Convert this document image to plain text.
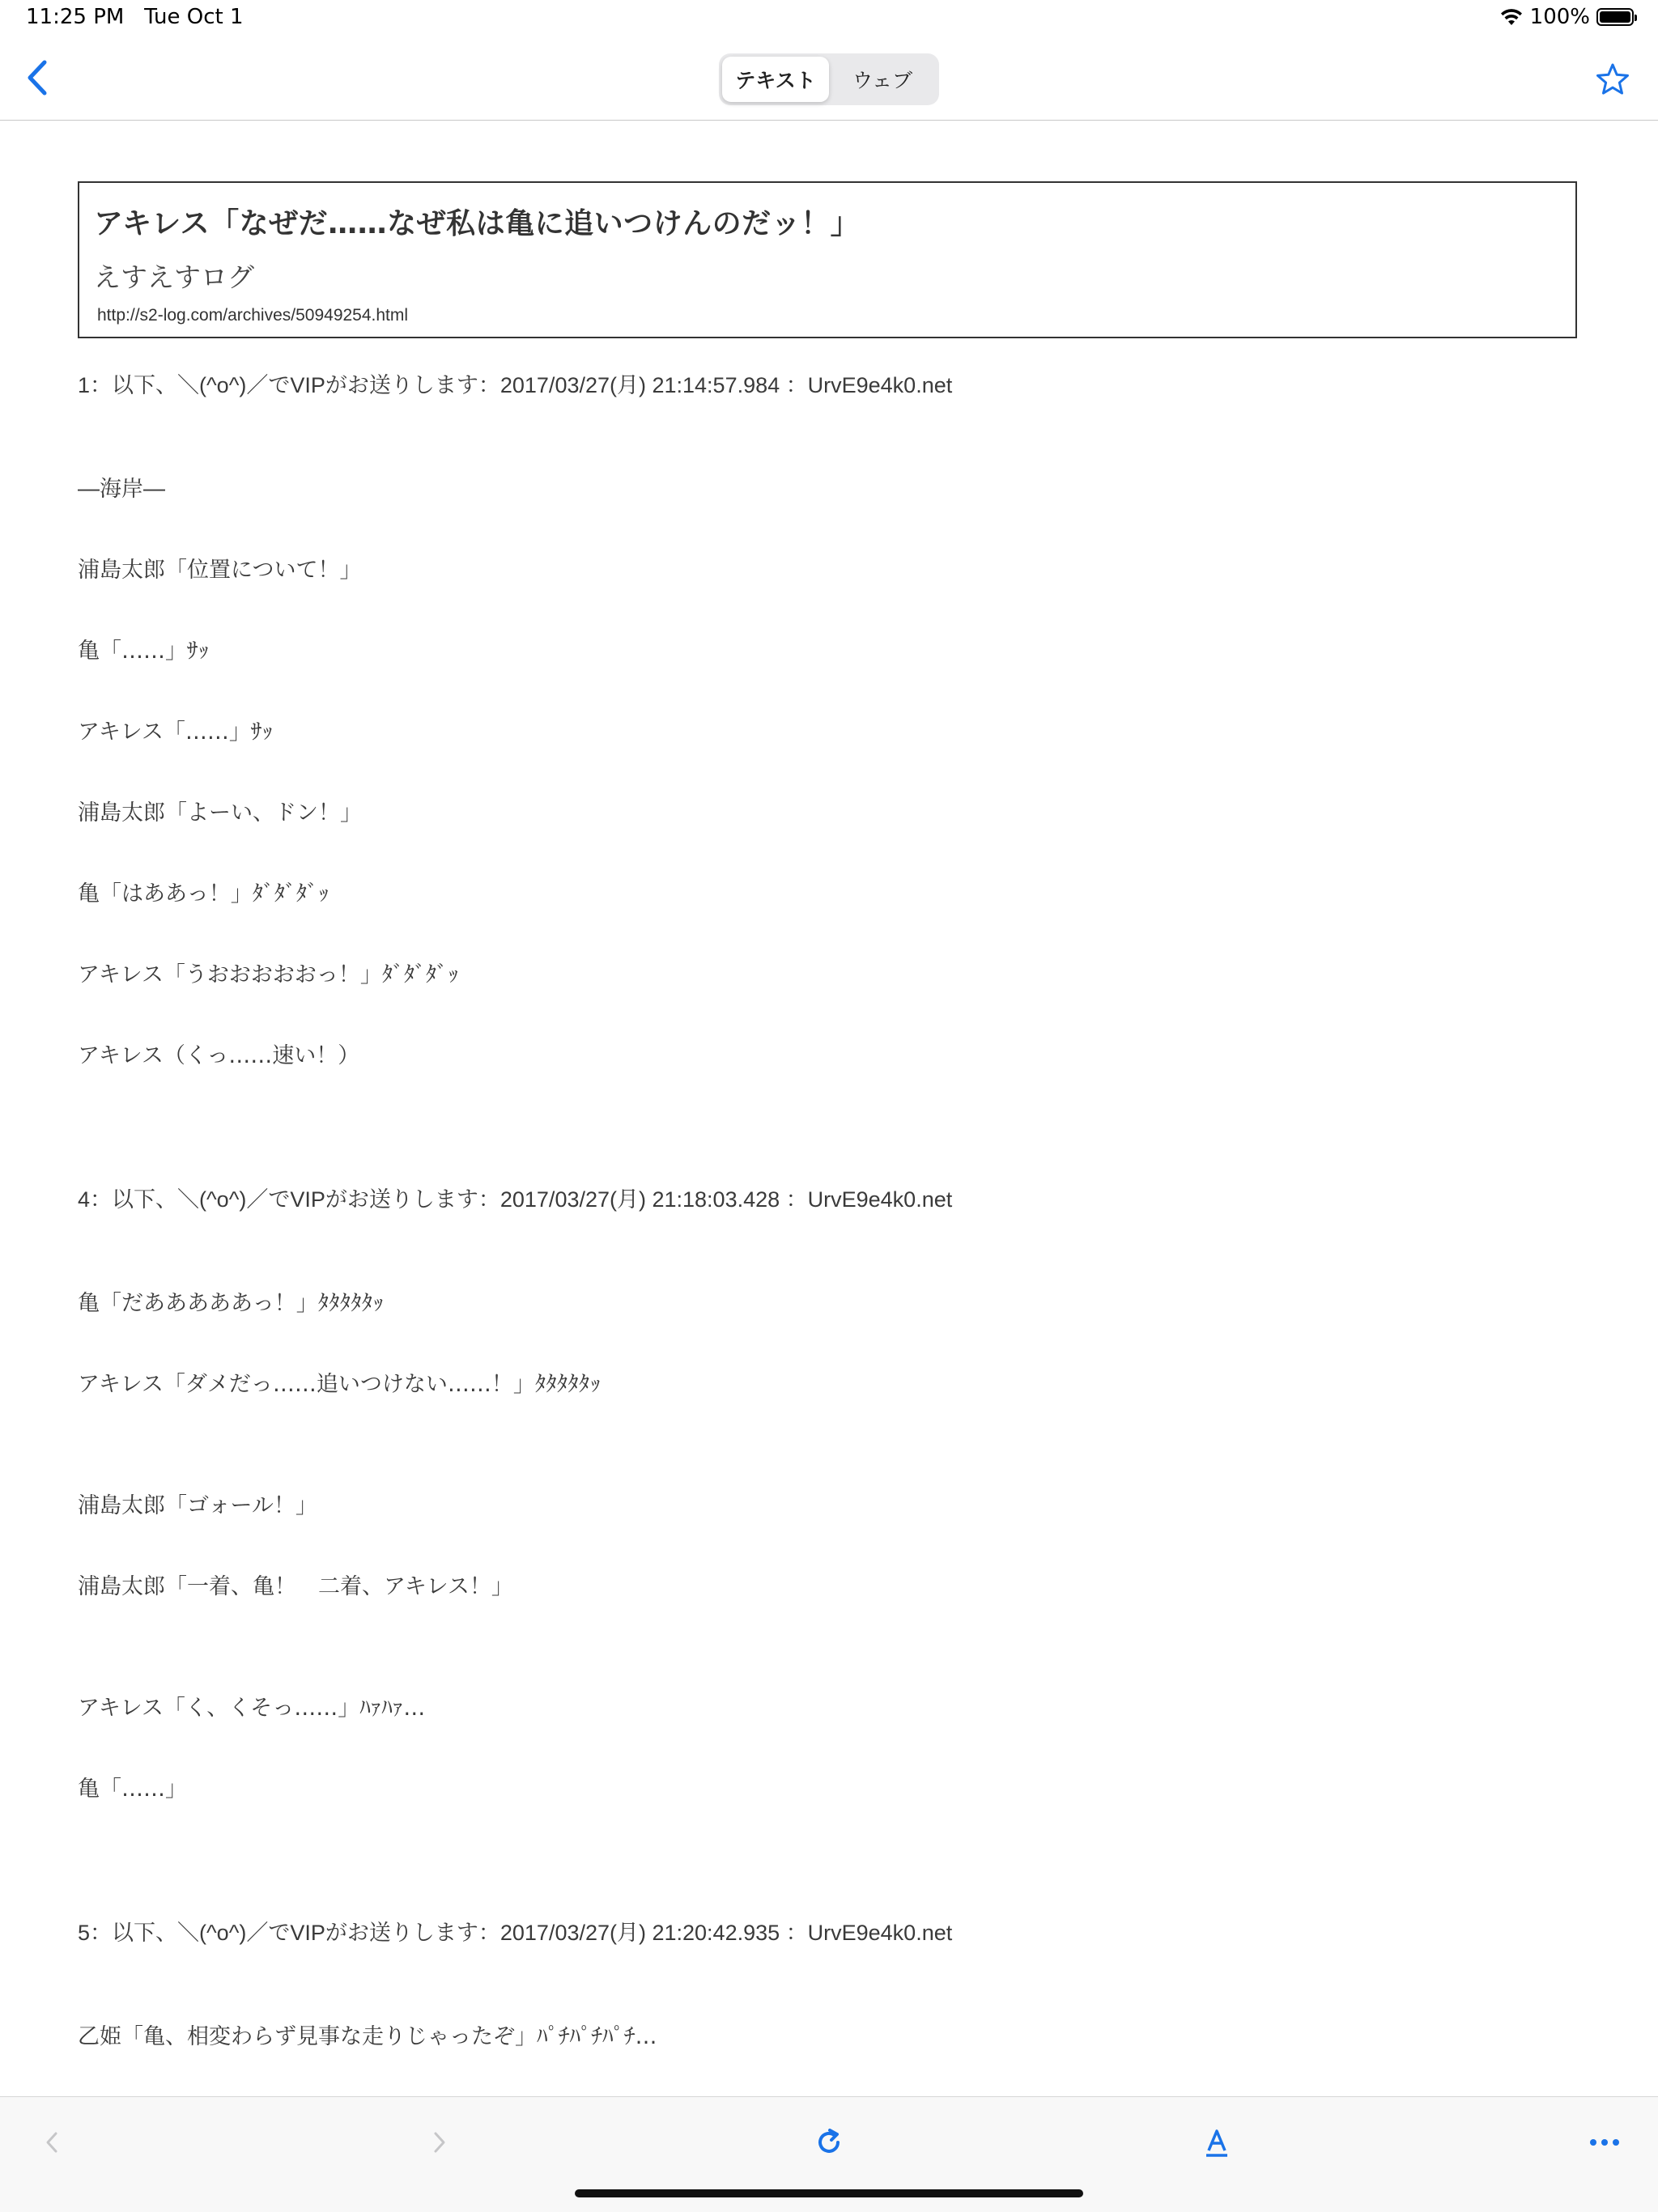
11:25 PM Tue Oct 1	100%
テキスト	ウェブ
アキレス「なぜだ……なぜ私は亀に追いつけんのだッ！」
えすえすログ
http://s2-log.com/archives/50949254.html
1：以下、＼(^o^)／でVIPがお送りします：2017/03/27(月) 21:14:57.984 ：UrvE9e4k0.net
―海岸―
浦島太郎「位置について！」
亀「……」ｻｯ
アキレス「……」ｻｯ
浦島太郎「よーい、ドン！」
亀「はああっ！」ﾀﾞﾀﾞﾀﾞｯ
アキレス「うおおおおおっ！」ﾀﾞﾀﾞﾀﾞｯ
アキレス（くっ……速い！）
4：以下、＼(^o^)／でVIPがお送りします：2017/03/27(月) 21:18:03.428 ：UrvE9e4k0.net
亀「だあああああっ！」ﾀﾀﾀﾀﾀｯ
アキレス「ダメだっ……追いつけない……！」ﾀﾀﾀﾀﾀｯ
浦島太郎「ゴォール！」
浦島太郎「一着、亀！　二着、アキレス！」
アキレス「く、くそっ……」ﾊｧﾊｧ…
亀「……」
5：以下、＼(^o^)／でVIPがお送りします：2017/03/27(月) 21:20:42.935 ：UrvE9e4k0.net
乙姫「亀、相変わらず見事な走りじゃったぞ」ﾊﾟﾁﾊﾟﾁﾊﾟﾁ…
